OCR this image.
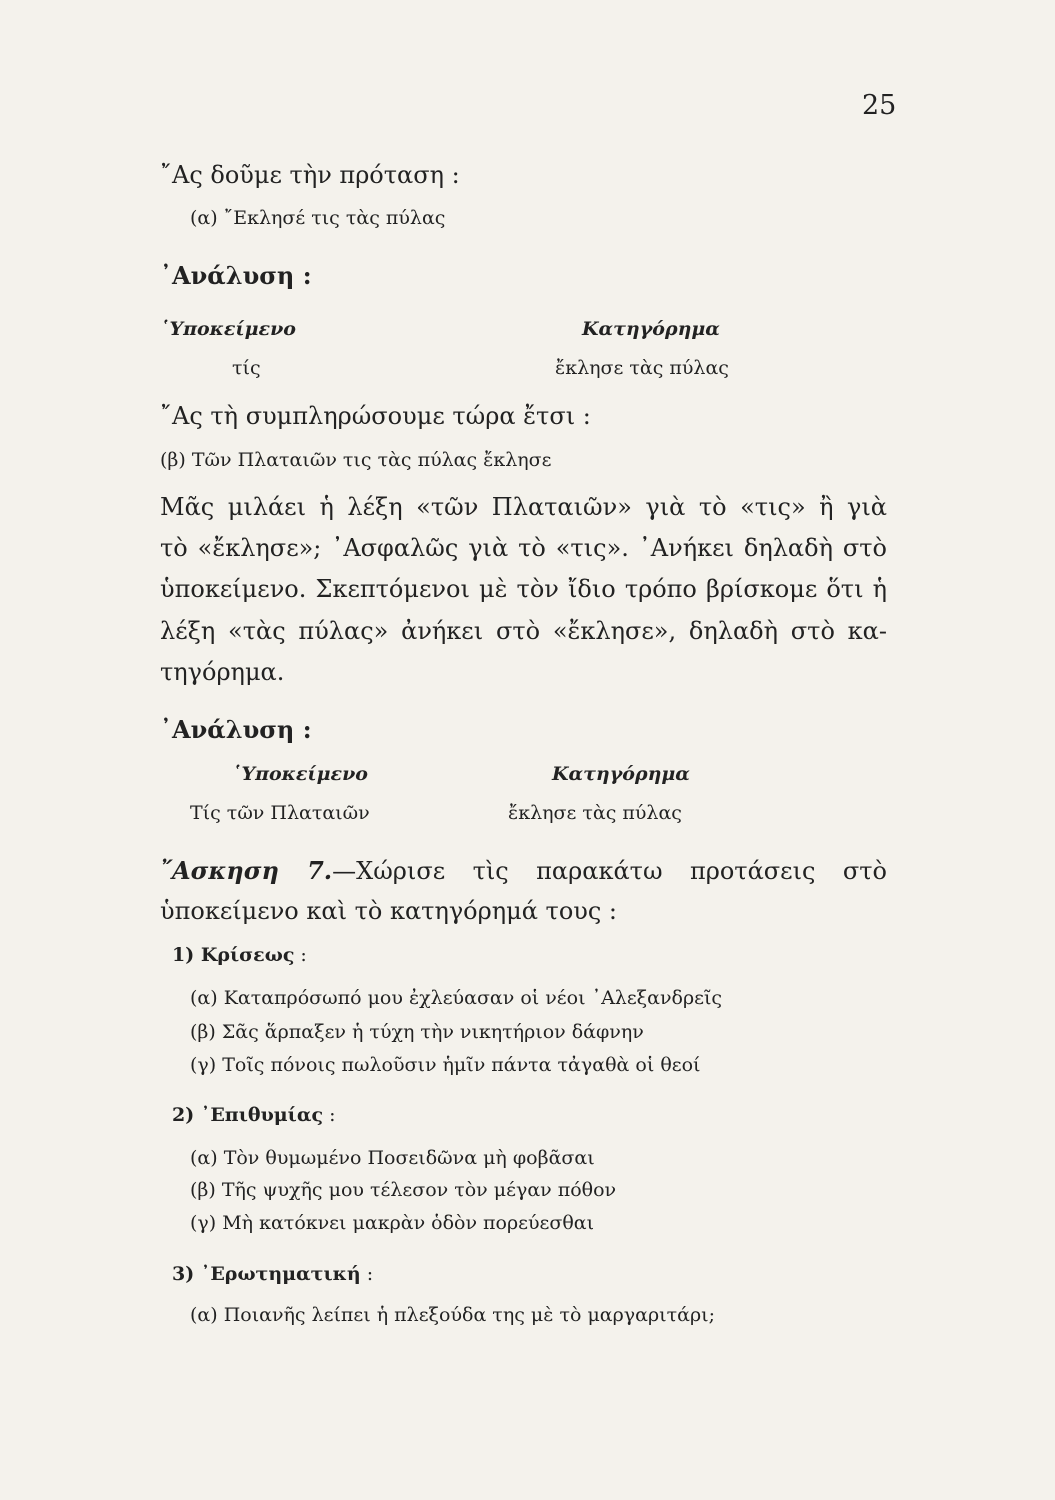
25
῎Ας δοῦμε τὴν πρόταση :
(α) ῎Εκλησέ τις τὰς πύλας
᾿Ανάλυση :
῾Υποκείμενο	Κατηγόρημα
τίς	ἔκλησε τὰς πύλας
῎Ας τὴ συμπληρώσουμε τώρα ἔτσι :
(β) Τῶν Πλαταιῶν τις τὰς πύλας ἔκλησε
Μᾶς μιλάει ἡ λέξη «τῶν Πλαταιῶν» γιὰ τὸ «τις» ἢ γιὰ
τὸ «ἔκλησε»; ᾿Ασφαλῶς γιὰ τὸ «τις». ᾿Ανήκει δηλαδὴ στὸ
ὑποκείμενο. Σκεπτόμενοι μὲ τὸν ἴδιο τρόπο βρίσκομε ὅτι ἡ
λέξη «τὰς πύλας» ἀνήκει στὸ «ἔκλησε», δηλαδὴ στὸ κα-
τηγόρημα.
᾿Ανάλυση :
῾Υποκείμενο	Κατηγόρημα
Τίς τῶν Πλαταιῶν	ἔκλησε τὰς πύλας
῎Ασκηση 7.—Χώρισε τὶς παρακάτω προτάσεις στὸ
ὑποκείμενο καὶ τὸ κατηγόρημά τους :
1) Κρίσεως :
(α) Καταπρόσωπό μου ἐχλεύασαν οἱ νέοι ᾿Αλεξανδρεῖς
(β) Σᾶς ἅρπαξεν ἡ τύχη τὴν νικητήριον δάφνην
(γ) Τοῖς πόνοις πωλοῦσιν ἡμῖν πάντα τἀγαθὰ οἱ θεοί
2) ᾿Επιθυμίας :
(α) Τὸν θυμωμένο Ποσειδῶνα μὴ φοβᾶσαι
(β) Τῆς ψυχῆς μου τέλεσον τὸν μέγαν πόθον
(γ) Μὴ κατόκνει μακρὰν ὁδὸν πορεύεσθαι
3) ᾿Ερωτηματική :
(α) Ποιανῆς λείπει ἡ πλεξούδα της μὲ τὸ μαργαριτάρι;
